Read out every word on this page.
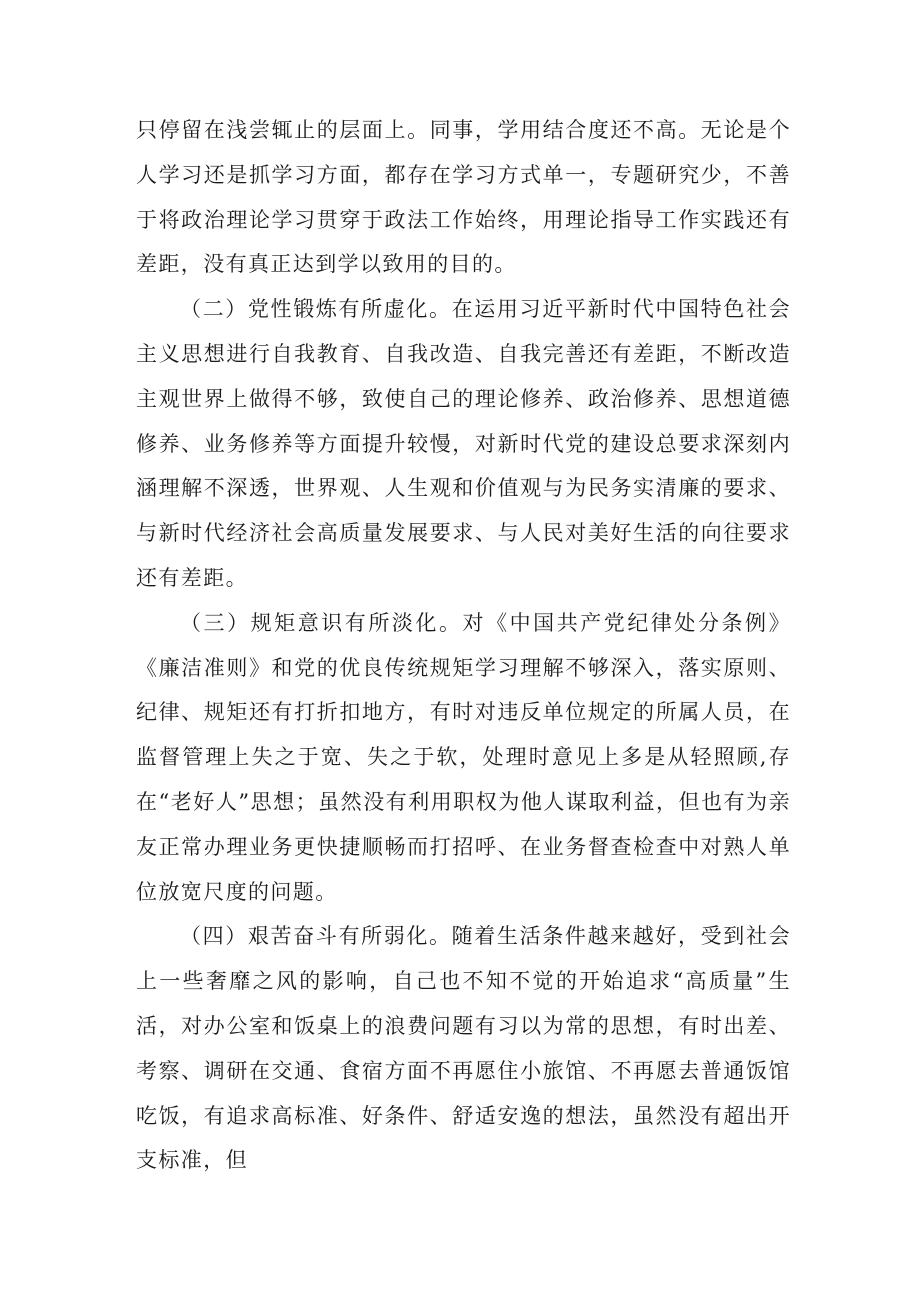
只停留在浅尝辄止的层面上。同事，学用结合度还不高。无论是个人学习还是抓学习方面，都存在学习方式单一，专题研究少，不善于将政治理论学习贯穿于政法工作始终，用理论指导工作实践还有差距，没有真正达到学以致用的目的。

（二）党性锻炼有所虚化。在运用习近平新时代中国特色社会主义思想进行自我教育、自我改造、自我完善还有差距，不断改造主观世界上做得不够，致使自己的理论修养、政治修养、思想道德修养、业务修养等方面提升较慢，对新时代党的建设总要求深刻内涵理解不深透，世界观、人生观和价值观与为民务实清廉的要求、与新时代经济社会高质量发展要求、与人民对美好生活的向往要求还有差距。

（三）规矩意识有所淡化。对《中国共产党纪律处分条例》《廉洁准则》和党的优良传统规矩学习理解不够深入，落实原则、纪律、规矩还有打折扣地方，有时对违反单位规定的所属人员，在监督管理上失之于宽、失之于软，处理时意见上多是从轻照顾,存在“老好人”思想；虽然没有利用职权为他人谋取利益，但也有为亲友正常办理业务更快捷顺畅而打招呼、在业务督查检查中对熟人单位放宽尺度的问题。

（四）艰苦奋斗有所弱化。随着生活条件越来越好，受到社会上一些奢靡之风的影响，自己也不知不觉的开始追求“高质量”生活，对办公室和饭桌上的浪费问题有习以为常的思想，有时出差、考察、调研在交通、食宿方面不再愿住小旅馆、不再愿去普通饭馆吃饭，有追求高标准、好条件、舒适安逸的想法，虽然没有超出开支标准，但
